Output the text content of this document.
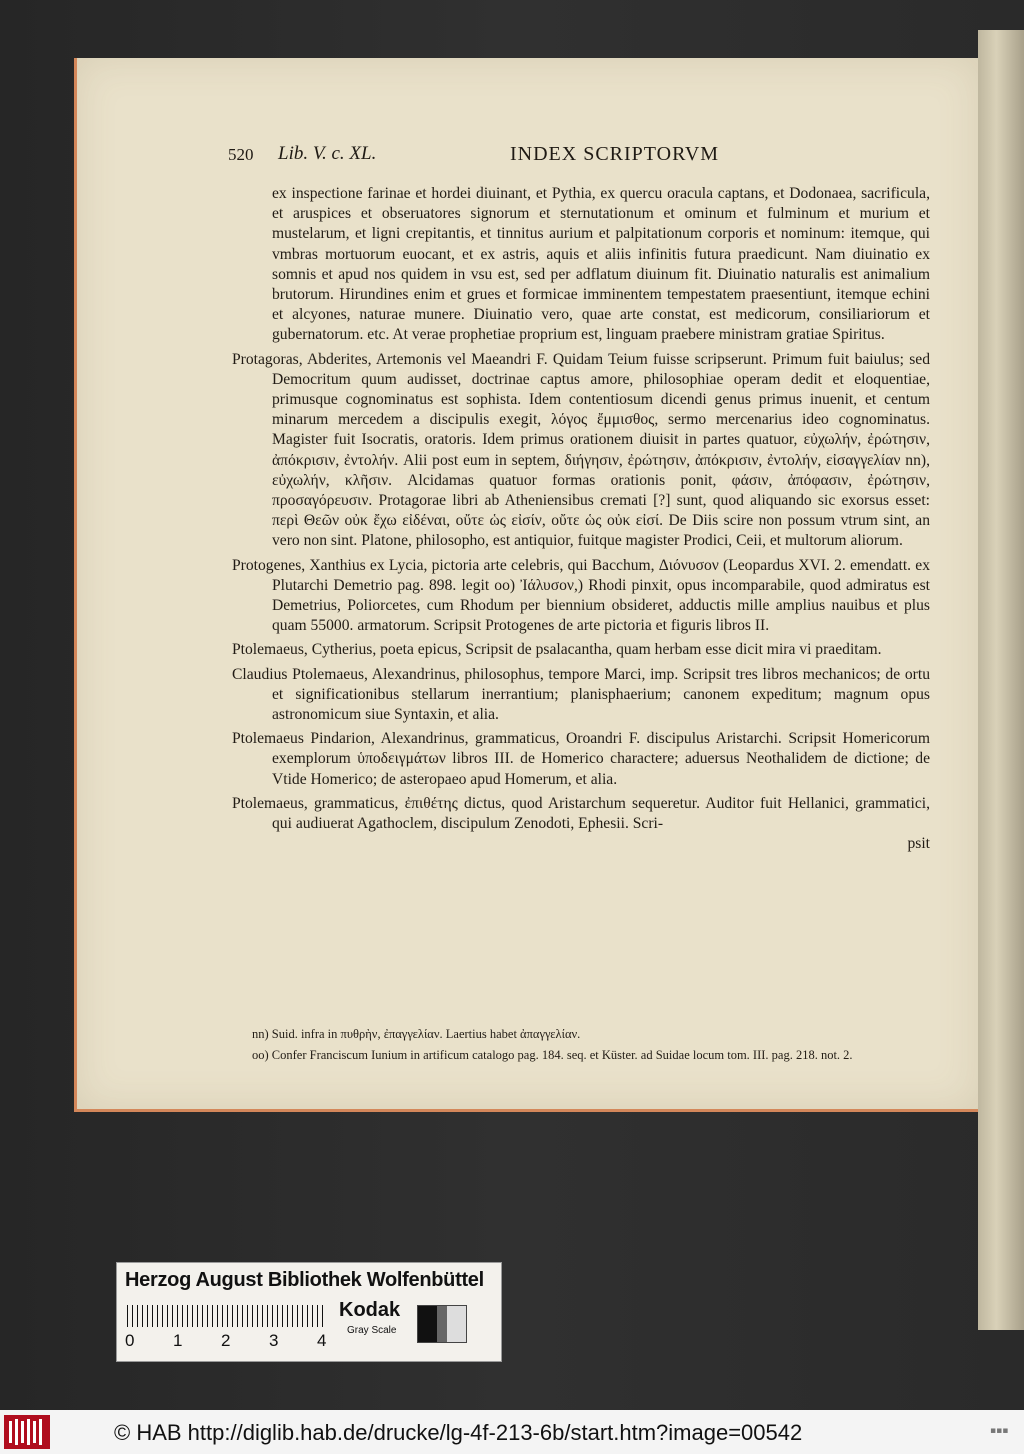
520 Lib. V. c. XL.	INDEX SCRIPTORVM

ex inspectione farinae et hordei diuinant, et Pythia, ex quercu oracula captans, et Dodonaea, sacrificula, et aruspices et obseruatores signorum et sternutationum et ominum et fulminum et murium et mustelarum, et ligni crepitantis, et tinnitus aurium et palpitationum corporis et nominum: itemque, qui vmbras mortuorum euocant, et ex astris, aquis et aliis infinitis futura praedicunt. Nam diuinatio ex somnis et apud nos quidem in vsu est, sed per adflatum diuinum fit. Diuinatio naturalis est animalium brutorum. Hirundines enim et grues et formicae imminentem tempestatem praesentiunt, itemque echini et alcyones, naturae munere. Diuinatio vero, quae arte constat, est medicorum, consiliariorum et gubernatorum. etc. At verae prophetiae proprium est, linguam praebere ministram gratiae Spiritus.

Protagoras, Abderites, Artemonis vel Maeandri F. Quidam Teium fuisse scripserunt. Primum fuit baiulus; sed Democritum quum audisset, doctrinae captus amore, philosophiae operam dedit et eloquentiae, primusque cognominatus est sophista. Idem contentiosum dicendi genus primus inuenit, et centum minarum mercedem a discipulis exegit, λόγος ἔμμισθος, sermo mercenarius ideo cognominatus. Magister fuit Isocratis, oratoris. Idem primus orationem diuisit in partes quatuor, εὐχωλήν, ἐρώτησιν, ἀπόκρισιν, ἐντολήν. Alii post eum in septem, διήγησιν, ἐρώτησιν, ἀπόκρισιν, ἐντολήν, εἰσαγγελίαν nn), εὐχωλήν, κλῆσιν. Alcidamas quatuor formas orationis ponit, φάσιν, ἀπόφασιν, ἐρώτησιν, προσαγόρευσιν. Protagorae libri ab Atheniensibus cremati [?] sunt, quod aliquando sic exorsus esset: περὶ Θεῶν οὐκ ἔχω εἰδέναι, οὔτε ὡς εἰσίν, οὔτε ὡς οὐκ εἰσί. De Diis scire non possum vtrum sint, an vero non sint. Platone, philosopho, est antiquior, fuitque magister Prodici, Ceii, et multorum aliorum.

Protogenes, Xanthius ex Lycia, pictoria arte celebris, qui Bacchum, Διόνυσον (Leopardus XVI. 2. emendatt. ex Plutarchi Demetrio pag. 898. legit oo) Ἰάλυσον,) Rhodi pinxit, opus incomparabile, quod admiratus est Demetrius, Poliorcetes, cum Rhodum per biennium obsideret, adductis mille amplius nauibus et plus quam 55000. armatorum. Scripsit Protogenes de arte pictoria et figuris libros II.

Ptolemaeus, Cytherius, poeta epicus, Scripsit de psalacantha, quam herbam esse dicit mira vi praeditam.

Claudius Ptolemaeus, Alexandrinus, philosophus, tempore Marci, imp. Scripsit tres libros mechanicos; de ortu et significationibus stellarum inerrantium; planisphaerium; canonem expeditum; magnum opus astronomicum siue Syntaxin, et alia.

Ptolemaeus Pindarion, Alexandrinus, grammaticus, Oroandri F. discipulus Aristarchi. Scripsit Homericorum exemplorum ὑποδειγμάτων libros III. de Homerico charactere; aduersus Neothalidem de dictione; de Vtide Homerico; de asteropaeo apud Homerum, et alia.

Ptolemaeus, grammaticus, ἐπιθέτης dictus, quod Aristarchum sequeretur. Auditor fuit Hellanici, grammatici, qui audiuerat Agathoclem, discipulum Zenodoti, Ephesii. Scri-

psit

nn) Suid. infra in πυθρὴν, ἐπαγγελίαν. Laertius habet ἀπαγγελίαν.
oo) Confer Franciscum Iunium in artificum catalogo pag. 184. seq. et Küster. ad Suidae locum tom. III. pag. 218. not. 2.
Herzog August Bibliothek Wolfenbüttel
0 1 2 3 4
Kodak
Gray Scale
© HAB http://diglib.hab.de/drucke/lg-4f-213-6b/start.htm?image=00542	▪▪▪
